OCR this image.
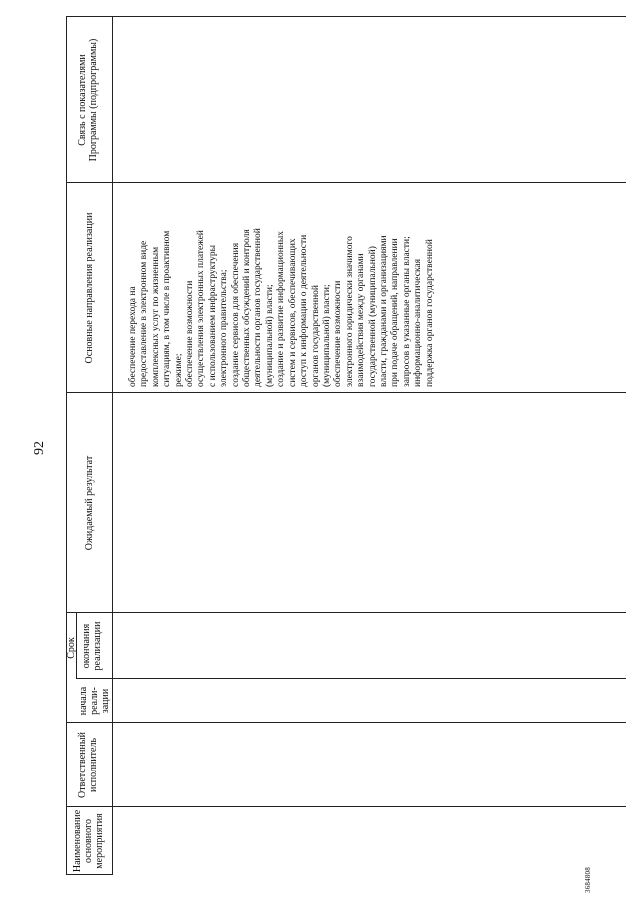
92
3684808
Наименование основного мероприятия
Ответственный исполнитель
Срок
начала реали- зации
окончания реализации
Ожидаемый результат
Основные направления реализации
Связь с показателями Программы (подпрограммы)
обеспечение перехода на предоставление в электронном виде комплексных услуг по жизненным ситуациям, в том числе в проактивном режиме; обеспечение возможности осуществления электронных платежей с использованием инфраструктуры электронного правительства; создание сервисов для обеспечения общественных обсуждений и контроля деятельности органов государственной (муниципальной) власти; создание и развитие информационных систем и сервисов, обеспечивающих доступ к информации о деятельности органов государственной (муниципальной) власти; обеспечение возможности электронного юридически значимого взаимодействия между органами государственной (муниципальной) власти, гражданами и организациями при подаче обращений, направлении запросов в указанные органы власти; информационно-аналитическая поддержка органов государственной
